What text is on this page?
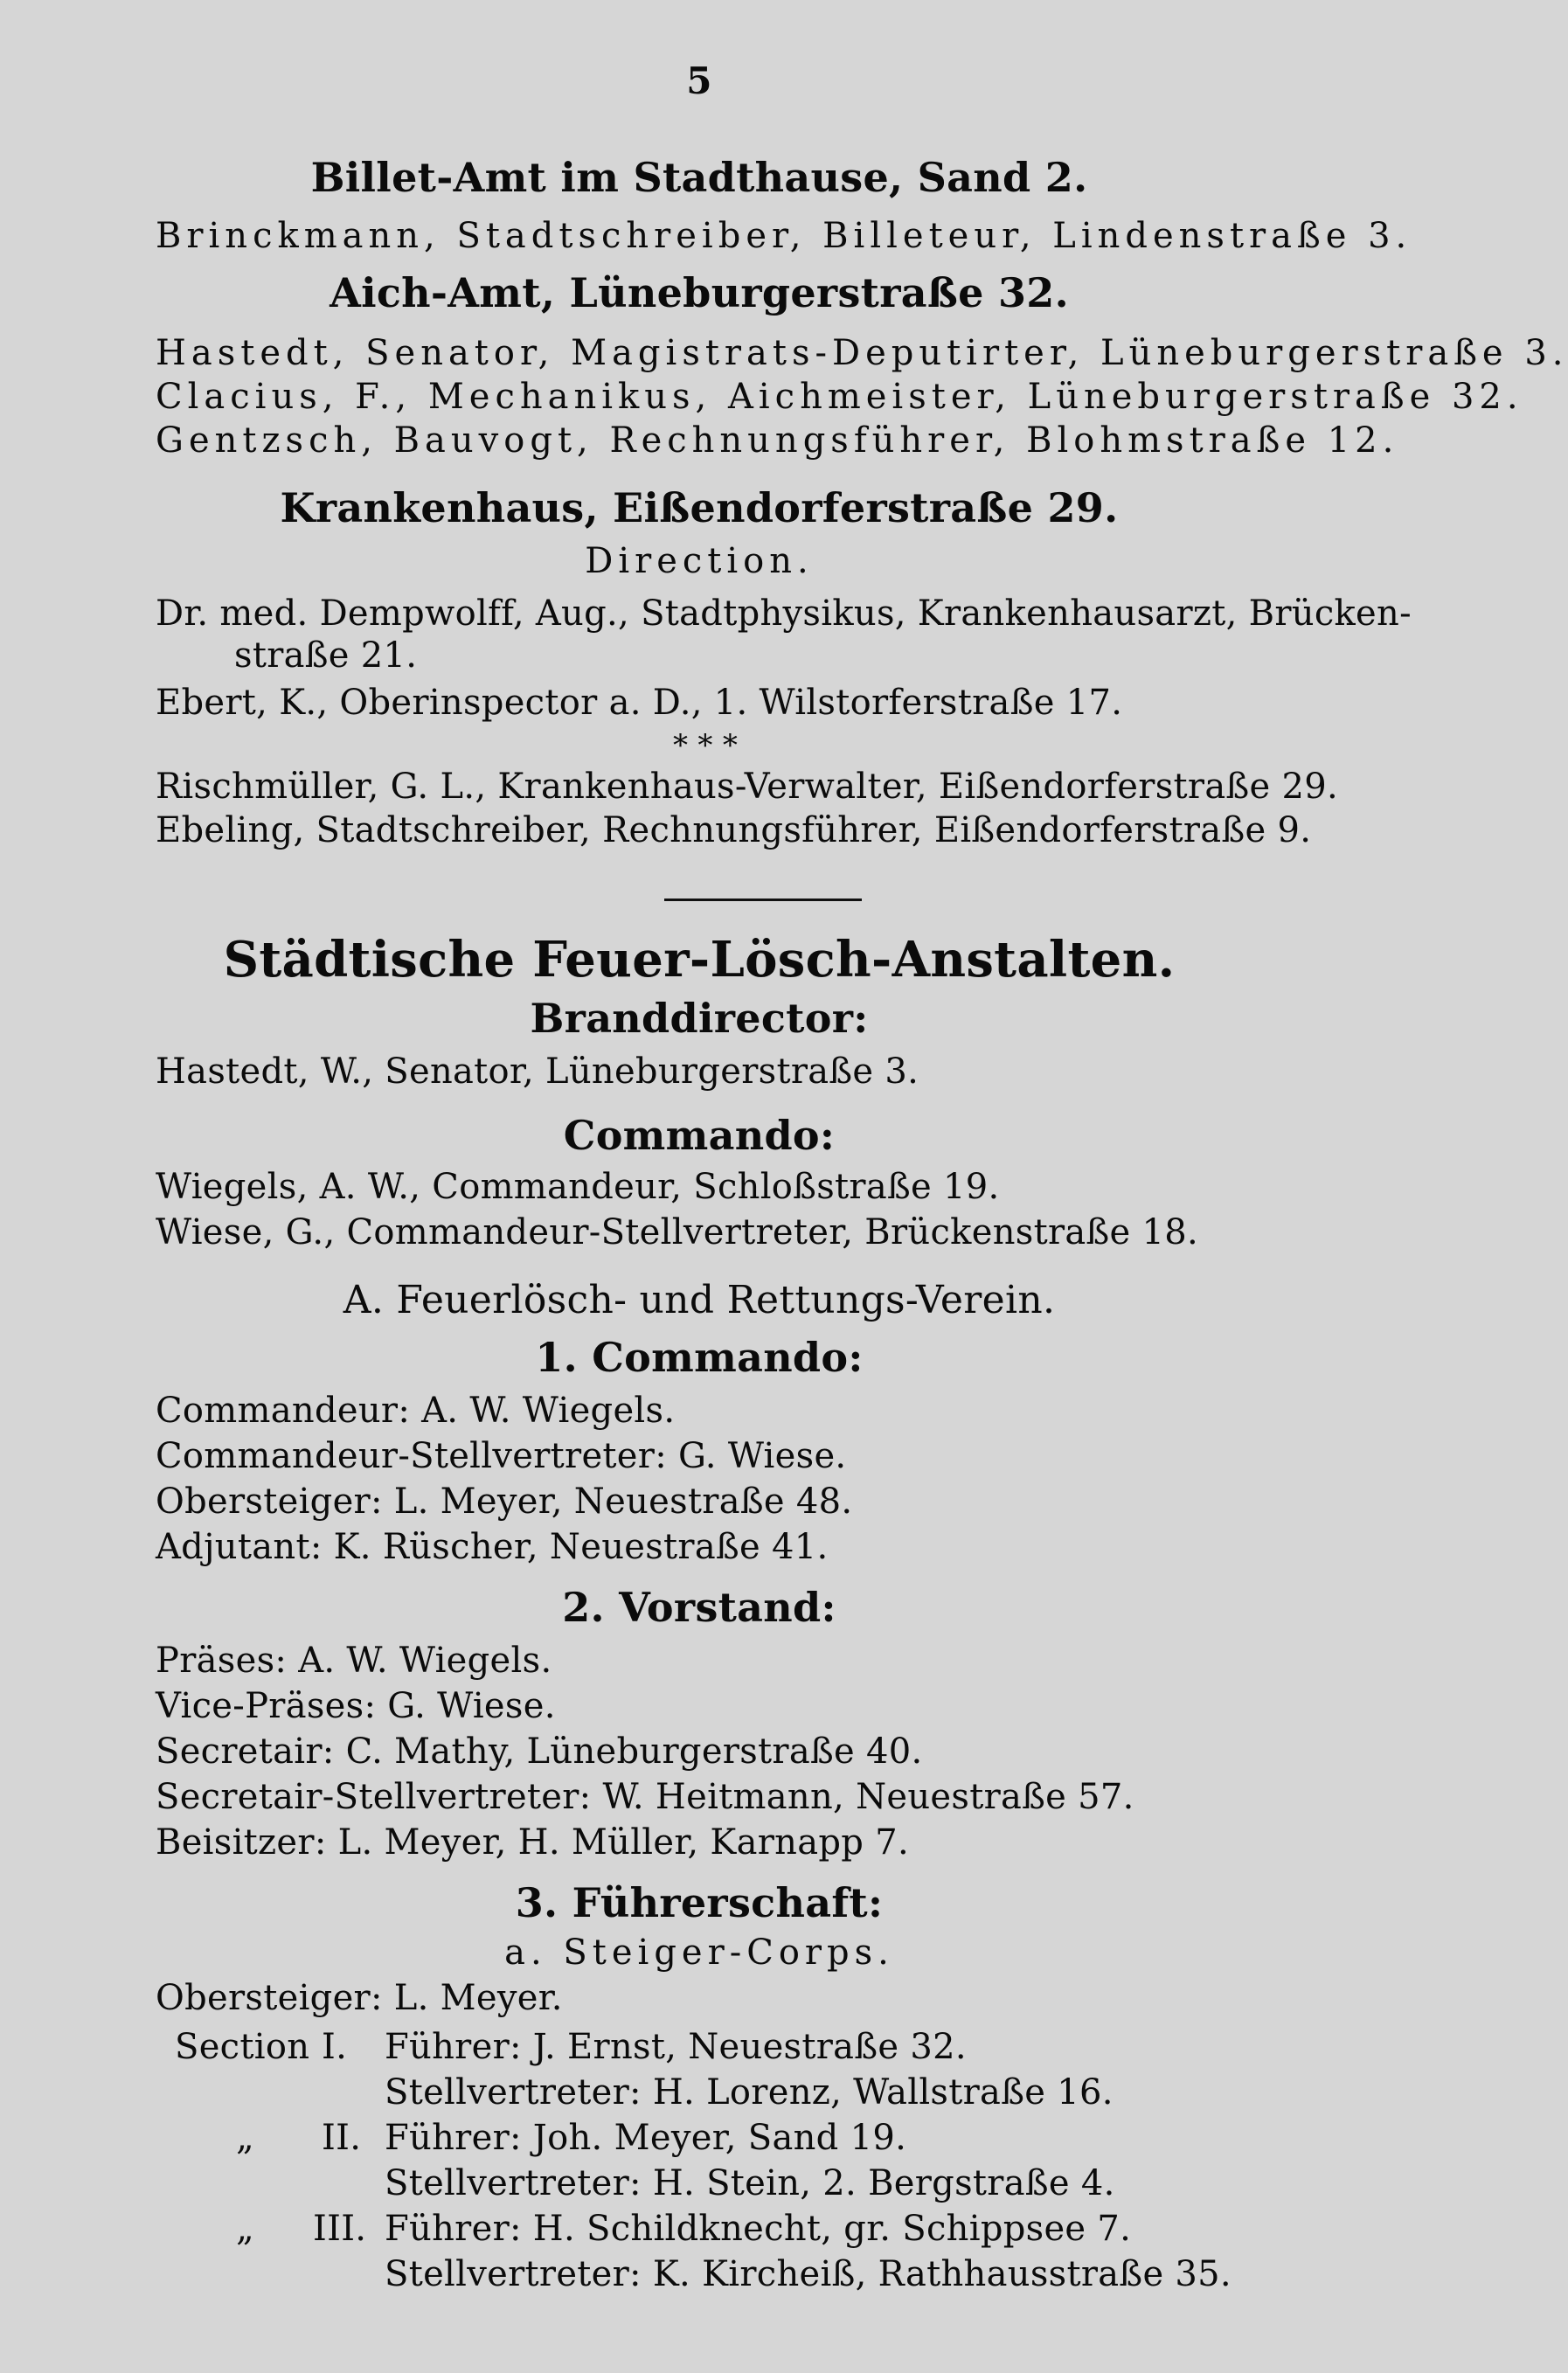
5

Billet-Amt im Stadthause, Sand 2.

Brinckmann, Stadtschreiber, Billeteur, Lindenstraße 3.

Aich-Amt, Lüneburgerstraße 32.

Hastedt, Senator, Magistrats-Deputirter, Lüneburgerstraße 3.

Clacius, F., Mechanikus, Aichmeister, Lüneburgerstraße 32.

Gentzsch, Bauvogt, Rechnungsführer, Blohmstraße 12.

Krankenhaus, Eißendorferstraße 29.

Direction.

Dr. med. Dempwolff, Aug., Stadtphysikus, Krankenhausarzt, Brücken-

straße 21.

Ebert, K., Oberinspector a. D., 1. Wilstorferstraße 17.

* * *

Rischmüller, G. L., Krankenhaus-Verwalter, Eißendorferstraße 29.

Ebeling, Stadtschreiber, Rechnungsführer, Eißendorferstraße 9.

Städtische Feuer-Lösch-Anstalten.

Branddirector:

Hastedt, W., Senator, Lüneburgerstraße 3.

Commando:

Wiegels, A. W., Commandeur, Schloßstraße 19.

Wiese, G., Commandeur-Stellvertreter, Brückenstraße 18.

A. Feuerlösch- und Rettungs-Verein.

1. Commando:

Commandeur: A. W. Wiegels.

Commandeur-Stellvertreter: G. Wiese.

Obersteiger: L. Meyer, Neuestraße 48.

Adjutant: K. Rüscher, Neuestraße 41.

2. Vorstand:

Präses: A. W. Wiegels.

Vice-Präses: G. Wiese.

Secretair: C. Mathy, Lüneburgerstraße 40.

Secretair-Stellvertreter: W. Heitmann, Neuestraße 57.

Beisitzer: L. Meyer, H. Müller, Karnapp 7.

3. Führerschaft:

a. Steiger-Corps.

Obersteiger: L. Meyer.

Section I. Führer: J. Ernst, Neuestraße 32.

Stellvertreter: H. Lorenz, Wallstraße 16.

„ II. Führer: Joh. Meyer, Sand 19.

Stellvertreter: H. Stein, 2. Bergstraße 4.

„ III. Führer: H. Schildknecht, gr. Schippsee 7.

Stellvertreter: K. Kircheiß, Rathhausstraße 35.
